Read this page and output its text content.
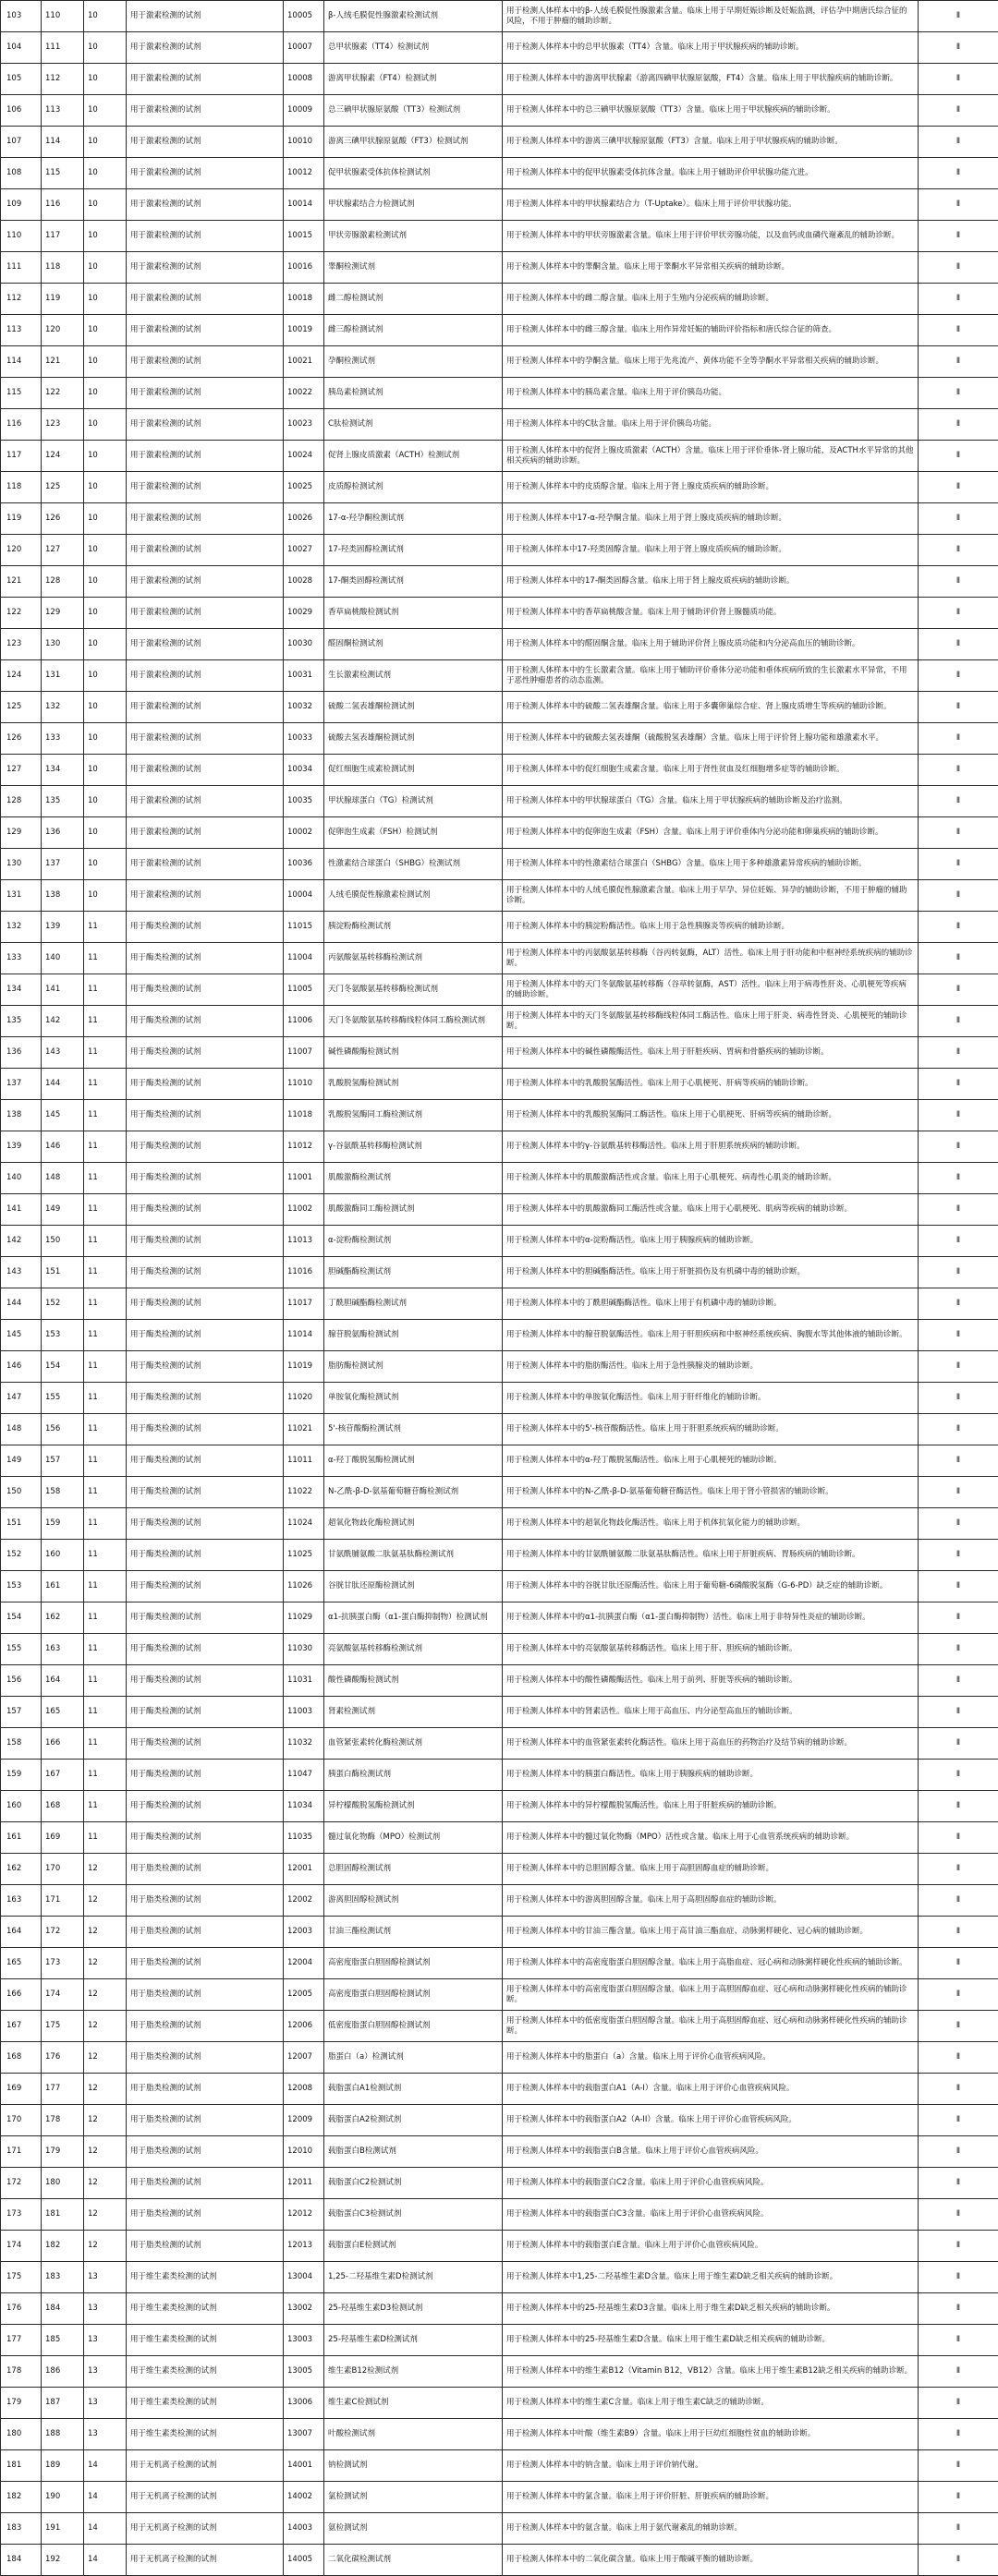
103	110	10	用于激素检测的试剂	10005	β-人绒毛膜促性腺激素检测试剂	用于检测人体样本中的β-人绒毛膜促性腺激素含量。临床上用于早期妊娠诊断及妊娠监测，评估孕中期唐氏综合征的风险，不用于肿瘤的辅助诊断。	Ⅱ
104	111	10	用于激素检测的试剂	10007	总甲状腺素（TT4）检测试剂	用于检测人体样本中的总甲状腺素（TT4）含量。临床上用于甲状腺疾病的辅助诊断。	Ⅱ
105	112	10	用于激素检测的试剂	10008	游离甲状腺素（FT4）检测试剂	用于检测人体样本中的游离甲状腺素（游离四碘甲状腺原氨酸，FT4）含量。临床上用于甲状腺疾病的辅助诊断。	Ⅱ
106	113	10	用于激素检测的试剂	10009	总三碘甲状腺原氨酸（TT3）检测试剂	用于检测人体样本中的总三碘甲状腺原氨酸（TT3）含量。临床上用于甲状腺疾病的辅助诊断。	Ⅱ
107	114	10	用于激素检测的试剂	10010	游离三碘甲状腺原氨酸（FT3）检测试剂	用于检测人体样本中的游离三碘甲状腺原氨酸（FT3）含量。临床上用于甲状腺疾病的辅助诊断。	Ⅱ
108	115	10	用于激素检测的试剂	10012	促甲状腺素受体抗体检测试剂	用于检测人体样本中的促甲状腺素受体抗体含量。临床上用于辅助评价甲状腺功能亢进。	Ⅱ
109	116	10	用于激素检测的试剂	10014	甲状腺素结合力检测试剂	用于检测人体样本中的甲状腺素结合力（T-Uptake）。临床上用于评价甲状腺功能。	Ⅱ
110	117	10	用于激素检测的试剂	10015	甲状旁腺激素检测试剂	用于检测人体样本中的甲状旁腺激素含量。临床上用于评价甲状旁腺功能，以及血钙或血磷代谢紊乱的辅助诊断。	Ⅱ
111	118	10	用于激素检测的试剂	10016	睾酮检测试剂	用于检测人体样本中的睾酮含量。临床上用于睾酮水平异常相关疾病的辅助诊断。	Ⅱ
112	119	10	用于激素检测的试剂	10018	雌二醇检测试剂	用于检测人体样本中的雌二醇含量。临床上用于生殖内分泌疾病的辅助诊断。	Ⅱ
113	120	10	用于激素检测的试剂	10019	雌三醇检测试剂	用于检测人体样本中的雌三醇含量。临床上用作异常妊娠的辅助评价指标和唐氏综合征的筛查。	Ⅱ
114	121	10	用于激素检测的试剂	10021	孕酮检测试剂	用于检测人体样本中的孕酮含量。临床上用于先兆流产、黄体功能不全等孕酮水平异常相关疾病的辅助诊断。	Ⅱ
115	122	10	用于激素检测的试剂	10022	胰岛素检测试剂	用于检测人体样本中的胰岛素含量。临床上用于评价胰岛功能。	Ⅱ
116	123	10	用于激素检测的试剂	10023	C肽检测试剂	用于检测人体样本中的C肽含量。临床上用于评价胰岛功能。	Ⅱ
117	124	10	用于激素检测的试剂	10024	促肾上腺皮质激素（ACTH）检测试剂	用于检测人体样本中的促肾上腺皮质激素（ACTH）含量。临床上用于评价垂体-肾上腺功能，及ACTH水平异常的其他相关疾病的辅助诊断。	Ⅱ
118	125	10	用于激素检测的试剂	10025	皮质醇检测试剂	用于检测人体样本中的皮质醇含量。临床上用于肾上腺皮质疾病的辅助诊断。	Ⅱ
119	126	10	用于激素检测的试剂	10026	17-α-羟孕酮检测试剂	用于检测人体样本中17-α-羟孕酮含量。临床上用于肾上腺皮质疾病的辅助诊断。	Ⅱ
120	127	10	用于激素检测的试剂	10027	17-羟类固醇检测试剂	用于检测人体样本中17-羟类固醇含量。临床上用于肾上腺皮质疾病的辅助诊断。	Ⅱ
121	128	10	用于激素检测的试剂	10028	17-酮类固醇检测试剂	用于检测人体样本中的17-酮类固醇含量。临床上用于肾上腺皮质疾病的辅助诊断。	Ⅱ
122	129	10	用于激素检测的试剂	10029	香草扁桃酸检测试剂	用于检测人体样本中的香草扁桃酸含量。临床上用于辅助评价肾上腺髓质功能。	Ⅱ
123	130	10	用于激素检测的试剂	10030	醛固酮检测试剂	用于检测人体样本中的醛固酮含量。临床上用于辅助评价肾上腺皮质功能和内分泌高血压的辅助诊断。	Ⅱ
124	131	10	用于激素检测的试剂	10031	生长激素检测试剂	用于检测人体样本中的生长激素含量。临床上用于辅助评价垂体分泌功能和垂体疾病所致的生长激素水平异常，不用于恶性肿瘤患者的动态监测。	Ⅱ
125	132	10	用于激素检测的试剂	10032	硫酸二氢表雄酮检测试剂	用于检测人体样本中的硫酸二氢表雄酮含量。临床上用于多囊卵巢综合症、肾上腺皮质增生等疾病的辅助诊断。	Ⅱ
126	133	10	用于激素检测的试剂	10033	硫酸去氢表雄酮检测试剂	用于检测人体样本中的硫酸去氢表雄酮（硫酸脱氢表雄酮）含量。临床上用于评价肾上腺功能和雄激素水平。	Ⅱ
127	134	10	用于激素检测的试剂	10034	促红细胞生成素检测试剂	用于检测人体样本中的促红细胞生成素含量。临床上用于肾性贫血及红细胞增多症等的辅助诊断。	Ⅱ
128	135	10	用于激素检测的试剂	10035	甲状腺球蛋白（TG）检测试剂	用于检测人体样本中的甲状腺球蛋白（TG）含量。临床上用于甲状腺疾病的辅助诊断及治疗监测。	Ⅱ
129	136	10	用于激素检测的试剂	10002	促卵泡生成素（FSH）检测试剂	用于检测人体样本中的促卵泡生成素（FSH）含量。临床上用于评价垂体内分泌功能和卵巢疾病的辅助诊断。	Ⅱ
130	137	10	用于激素检测的试剂	10036	性激素结合球蛋白（SHBG）检测试剂	用于检测人体样本中的性激素结合球蛋白（SHBG）含量。临床上用于多种雄激素异常疾病的辅助诊断。	Ⅱ
131	138	10	用于激素检测的试剂	10004	人绒毛膜促性腺激素检测试剂	用于检测人体样本中的人绒毛膜促性腺激素含量。临床上用于早孕、异位妊娠、异孕的辅助诊断，不用于肿瘤的辅助诊断。	Ⅱ
132	139	11	用于酶类检测的试剂	11015	胰淀粉酶检测试剂	用于检测人体样本中的胰淀粉酶活性。临床上用于急性胰腺炎等疾病的辅助诊断。	Ⅱ
133	140	11	用于酶类检测的试剂	11004	丙氨酸氨基转移酶检测试剂	用于检测人体样本中的丙氨酸氨基转移酶（谷丙转氨酶，ALT）活性。临床上用于肝功能和中枢神经系统疾病的辅助诊断。	Ⅱ
134	141	11	用于酶类检测的试剂	11005	天门冬氨酸氨基转移酶检测试剂	用于检测人体样本中的天门冬氨酸氨基转移酶（谷草转氨酶，AST）活性。临床上用于病毒性肝炎、心肌梗死等疾病的辅助诊断。	Ⅱ
135	142	11	用于酶类检测的试剂	11006	天门冬氨酸氨基转移酶线粒体同工酶检测试剂	用于检测人体样本中的天门冬氨酸氨基转移酶线粒体同工酶活性。临床上用于肝炎、病毒性肾炎、心肌梗死的辅助诊断。	Ⅱ
136	143	11	用于酶类检测的试剂	11007	碱性磷酸酶检测试剂	用于检测人体样本中的碱性磷酸酶活性。临床上用于肝脏疾病、胃病和骨骼疾病的辅助诊断。	Ⅱ
137	144	11	用于酶类检测的试剂	11010	乳酸脱氢酶检测试剂	用于检测人体样本中的乳酸脱氢酶活性。临床上用于心肌梗死、肝病等疾病的辅助诊断。	Ⅱ
138	145	11	用于酶类检测的试剂	11018	乳酸脱氢酶同工酶检测试剂	用于检测人体样本中的乳酸脱氢酶同工酶活性。临床上用于心肌梗死、肝病等疾病的辅助诊断。	Ⅱ
139	146	11	用于酶类检测的试剂	11012	γ-谷氨酰基转移酶检测试剂	用于检测人体样本中的γ-谷氨酰基转移酶活性。临床上用于肝胆系统疾病的辅助诊断。	Ⅱ
140	148	11	用于酶类检测的试剂	11001	肌酸激酶检测试剂	用于检测人体样本中的肌酸激酶活性或含量。临床上用于心肌梗死、病毒性心肌炎的辅助诊断。	Ⅱ
141	149	11	用于酶类检测的试剂	11002	肌酸激酶同工酶检测试剂	用于检测人体样本中的肌酸激酶同工酶活性或含量。临床上用于心肌梗死、肌病等疾病的辅助诊断。	Ⅱ
142	150	11	用于酶类检测的试剂	11013	α-淀粉酶检测试剂	用于检测人体样本中的α-淀粉酶活性。临床上用于胰腺疾病的辅助诊断。	Ⅱ
143	151	11	用于酶类检测的试剂	11016	胆碱酯酶检测试剂	用于检测人体样本中的胆碱酯酶活性。临床上用于肝脏损伤及有机磷中毒的辅助诊断。	Ⅱ
144	152	11	用于酶类检测的试剂	11017	丁酰胆碱酯酶检测试剂	用于检测人体样本中的丁酰胆碱酯酶活性。临床上用于有机磷中毒的辅助诊断。	Ⅱ
145	153	11	用于酶类检测的试剂	11014	腺苷脱氨酶检测试剂	用于检测人体样本中的腺苷脱氨酶活性。临床上用于肝胆疾病和中枢神经系统疾病、胸腹水等其他体液的辅助诊断。	Ⅱ
146	154	11	用于酶类检测的试剂	11019	脂肪酶检测试剂	用于检测人体样本中的脂肪酶活性。临床上用于急性胰腺炎的辅助诊断。	Ⅱ
147	155	11	用于酶类检测的试剂	11020	单胺氧化酶检测试剂	用于检测人体样本中的单胺氧化酶活性。临床上用于肝纤维化的辅助诊断。	Ⅱ
148	156	11	用于酶类检测的试剂	11021	5'-核苷酸酶检测试剂	用于检测人体样本中的5'-核苷酸酶活性。临床上用于肝胆系统疾病的辅助诊断。	Ⅱ
149	157	11	用于酶类检测的试剂	11011	α-羟丁酸脱氢酶检测试剂	用于检测人体样本中的α-羟丁酸脱氢酶活性。临床上用于心肌梗死的辅助诊断。	Ⅱ
150	158	11	用于酶类检测的试剂	11022	N-乙酰-β-D-氨基葡萄糖苷酶检测试剂	用于检测人体样本中的N-乙酰-β-D-氨基葡萄糖苷酶活性。临床上用于肾小管损害的辅助诊断。	Ⅱ
151	159	11	用于酶类检测的试剂	11024	超氧化物歧化酶检测试剂	用于检测人体样本中的超氧化物歧化酶活性。临床上用于机体抗氧化能力的辅助诊断。	Ⅱ
152	160	11	用于酶类检测的试剂	11025	甘氨酰脯氨酸二肽氨基肽酶检测试剂	用于检测人体样本中的甘氨酰脯氨酸二肽氨基肽酶活性。临床上用于肝脏疾病、胃肠疾病的辅助诊断。	Ⅱ
153	161	11	用于酶类检测的试剂	11026	谷胱甘肽还原酶检测试剂	用于检测人体样本中的谷胱甘肽还原酶活性。临床上用于葡萄糖-6磷酸脱氢酶（G-6-PD）缺乏症的辅助诊断。	Ⅱ
154	162	11	用于酶类检测的试剂	11029	α1-抗胰蛋白酶（α1-蛋白酶抑制物）检测试剂	用于检测人体样本中的α1-抗胰蛋白酶（α1-蛋白酶抑制物）活性。临床上用于非特异性炎症的辅助诊断。	Ⅱ
155	163	11	用于酶类检测的试剂	11030	亮氨酸氨基转移酶检测试剂	用于检测人体样本中的亮氨酸氨基转移酶活性。临床上用于肝、胆疾病的辅助诊断。	Ⅱ
156	164	11	用于酶类检测的试剂	11031	酸性磷酸酶检测试剂	用于检测人体样本中的酸性磷酸酶活性。临床上用于前列、肝脏等疾病的辅助诊断。	Ⅱ
157	165	11	用于酶类检测的试剂	11003	肾素检测试剂	用于检测人体样本中的肾素活性。临床上用于高血压、内分泌型高血压的辅助诊断。	Ⅱ
158	166	11	用于酶类检测的试剂	11032	血管紧张素转化酶检测试剂	用于检测人体样本中的血管紧张素转化酶活性。临床上用于高血压的药物治疗及结节病的辅助诊断。	Ⅱ
159	167	11	用于酶类检测的试剂	11047	胰蛋白酶检测试剂	用于检测人体样本中的胰蛋白酶活性。临床上用于胰腺疾病的辅助诊断。	Ⅱ
160	168	11	用于酶类检测的试剂	11034	异柠檬酸脱氢酶检测试剂	用于检测人体样本中的异柠檬酸脱氢酶活性。临床上用于肝脏疾病的辅助诊断。	Ⅱ
161	169	11	用于酶类检测的试剂	11035	髓过氧化物酶（MPO）检测试剂	用于检测人体样本中的髓过氧化物酶（MPO）活性或含量。临床上用于心血管系统疾病的辅助诊断。	Ⅱ
162	170	12	用于脂类检测的试剂	12001	总胆固醇检测试剂	用于检测人体样本中的总胆固醇含量。临床上用于高胆固醇血症的辅助诊断。	Ⅱ
163	171	12	用于脂类检测的试剂	12002	游离胆固醇检测试剂	用于检测人体样本中的游离胆固醇含量。临床上用于高胆固醇血症的辅助诊断。	Ⅱ
164	172	12	用于脂类检测的试剂	12003	甘油三酯检测试剂	用于检测人体样本中的甘油三酯含量。临床上用于高甘油三酯血症、动脉粥样硬化、冠心病的辅助诊断。	Ⅱ
165	173	12	用于脂类检测的试剂	12004	高密度脂蛋白胆固醇检测试剂	用于检测人体样本中的高密度脂蛋白胆固醇含量。临床上用于高脂血症、冠心病和动脉粥样硬化性疾病的辅助诊断。	Ⅱ
166	174	12	用于脂类检测的试剂	12005	高密度脂蛋白胆固醇检测试剂	用于检测人体样本中的高密度脂蛋白胆固醇含量。临床上用于高胆固醇血症、冠心病和动脉粥样硬化性疾病的辅助诊断。	Ⅱ
167	175	12	用于脂类检测的试剂	12006	低密度脂蛋白胆固醇检测试剂	用于检测人体样本中的低密度脂蛋白胆固醇含量。临床上用于高胆固醇血症、冠心病和动脉粥样硬化性疾病的辅助诊断。	Ⅱ
168	176	12	用于脂类检测的试剂	12007	脂蛋白（a）检测试剂	用于检测人体样本中的脂蛋白（a）含量。临床上用于评价心血管疾病风险。	Ⅱ
169	177	12	用于脂类检测的试剂	12008	载脂蛋白A1检测试剂	用于检测人体样本中的载脂蛋白A1（A-I）含量。临床上用于评价心血管疾病风险。	Ⅱ
170	178	12	用于脂类检测的试剂	12009	载脂蛋白A2检测试剂	用于检测人体样本中的载脂蛋白A2（A-II）含量。临床上用于评价心血管疾病风险。	Ⅱ
171	179	12	用于脂类检测的试剂	12010	载脂蛋白B检测试剂	用于检测人体样本中的载脂蛋白B含量。临床上用于评价心血管疾病风险。	Ⅱ
172	180	12	用于脂类检测的试剂	12011	载脂蛋白C2检测试剂	用于检测人体样本中的载脂蛋白C2含量。临床上用于评价心血管疾病风险。	Ⅱ
173	181	12	用于脂类检测的试剂	12012	载脂蛋白C3检测试剂	用于检测人体样本中的载脂蛋白C3含量。临床上用于评价心血管疾病风险。	Ⅱ
174	182	12	用于脂类检测的试剂	12013	载脂蛋白E检测试剂	用于检测人体样本中的载脂蛋白E含量。临床上用于评价心血管疾病风险。	Ⅱ
175	183	13	用于维生素类检测的试剂	13004	1,25-二羟基维生素D检测试剂	用于检测人体样本中1,25-二羟基维生素D含量。临床上用于维生素D缺乏相关疾病的辅助诊断。	Ⅱ
176	184	13	用于维生素类检测的试剂	13002	25-羟基维生素D3检测试剂	用于检测人体样本中的25-羟基维生素D3含量。临床上用于维生素D缺乏相关疾病的辅助诊断。	Ⅱ
177	185	13	用于维生素类检测的试剂	13003	25-羟基维生素D检测试剂	用于检测人体样本中的25-羟基维生素D含量。临床上用于维生素D缺乏相关疾病的辅助诊断。	Ⅱ
178	186	13	用于维生素类检测的试剂	13005	维生素B12检测试剂	用于检测人体样本中的维生素B12（Vitamin B12，VB12）含量。临床上用于维生素B12缺乏相关疾病的辅助诊断。	Ⅱ
179	187	13	用于维生素类检测的试剂	13006	维生素C检测试剂	用于检测人体样本中的维生素C含量。临床上用于维生素C缺乏的辅助诊断。	Ⅱ
180	188	13	用于维生素类检测的试剂	13007	叶酸检测试剂	用于检测人体样本中叶酸（维生素B9）含量。临床上用于巨幼红细胞性贫血的辅助诊断。	Ⅱ
181	189	14	用于无机离子检测的试剂	14001	钠检测试剂	用于检测人体样本中的钠含量。临床上用于评价钠代谢。	Ⅱ
182	190	14	用于无机离子检测的试剂	14002	氯检测试剂	用于检测人体样本中的氯含量。临床上用于评价肝脏、肝脏疾病的辅助诊断。	Ⅱ
183	191	14	用于无机离子检测的试剂	14003	氨检测试剂	用于检测人体样本中的氨含量。临床上用于氨代谢紊乱的辅助诊断。	Ⅱ
184	192	14	用于无机离子检测的试剂	14005	二氧化碳检测试剂	用于检测人体样本中的二氧化碳含量。临床上用于酸碱平衡的辅助诊断。	Ⅱ
